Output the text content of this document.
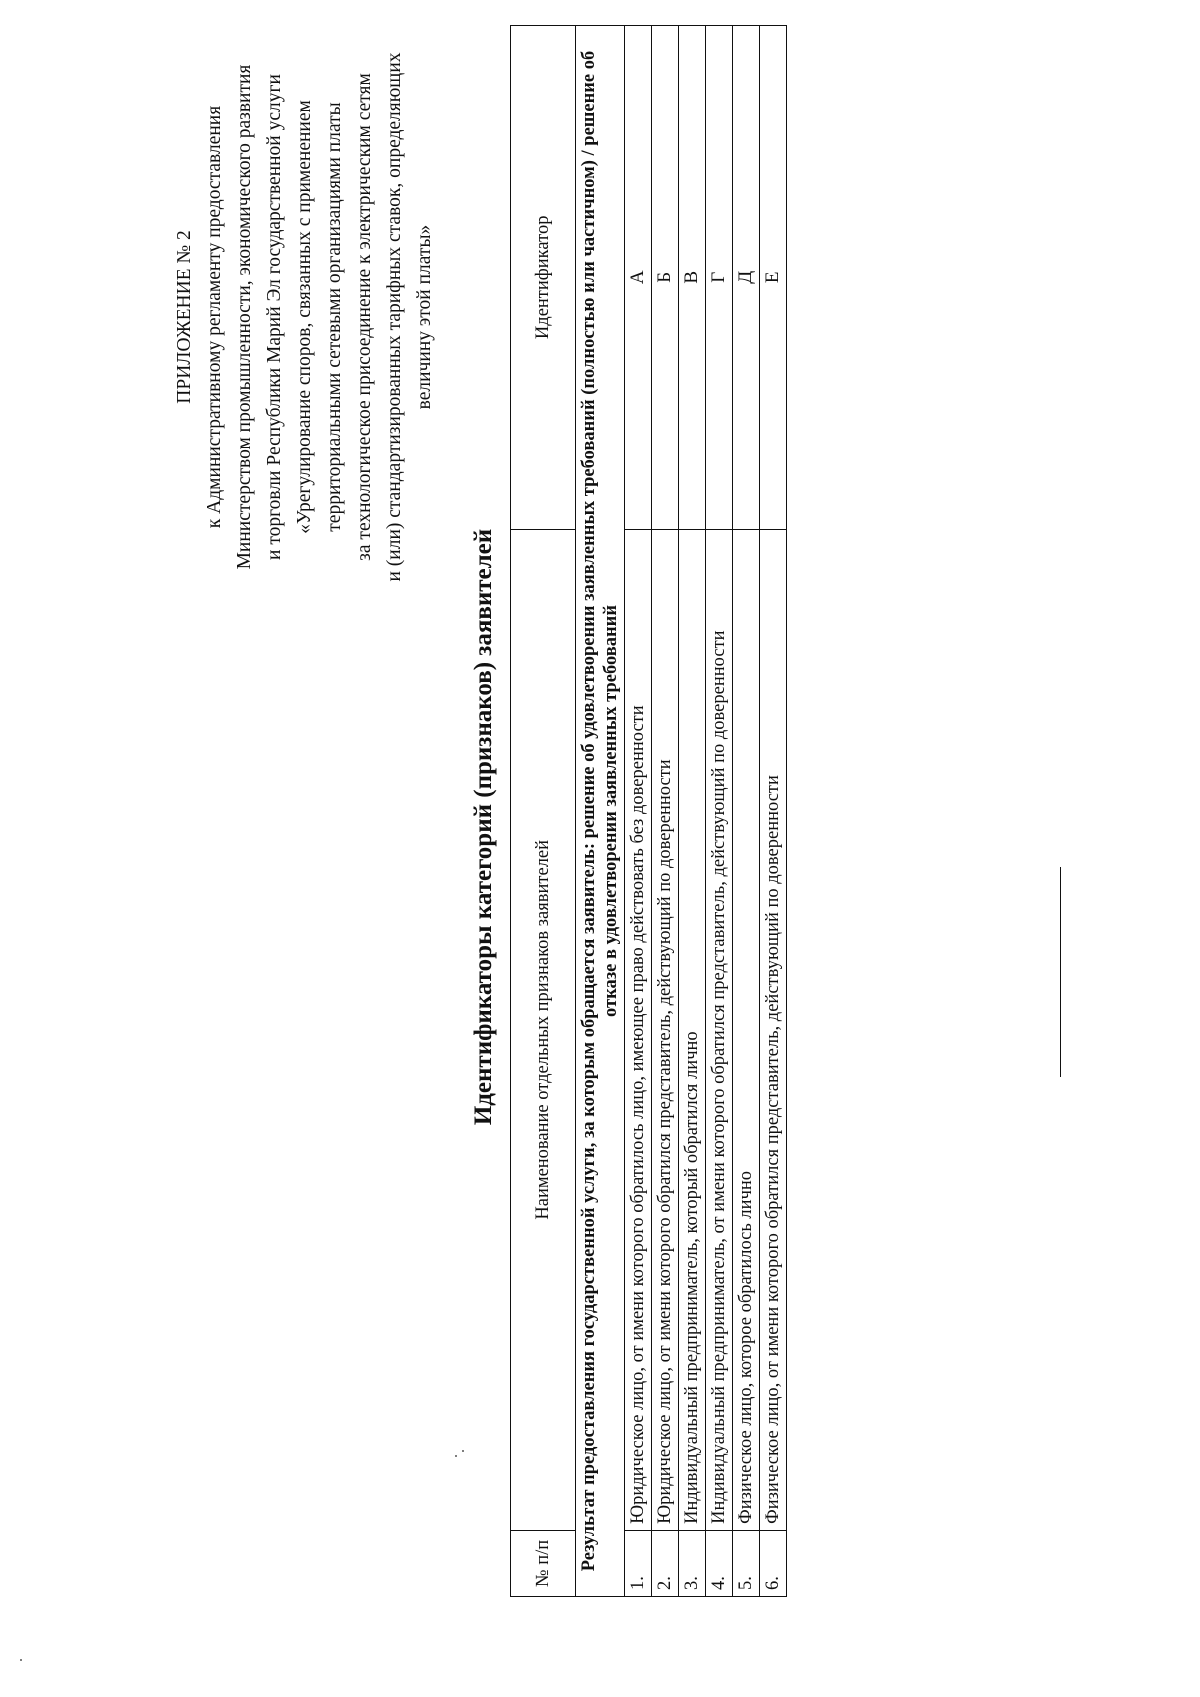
ПРИЛОЖЕНИЕ № 2 к Административному регламенту предоставления Министерством промышленности, экономического развития и торговли Республики Марий Эл государственной услуги «Урегулирование споров, связанных с применением территориальными сетевыми организациями платы за технологическое присоединение к электрическим сетям и (или) стандартизированных тарифных ставок, определяющих величину этой платы»
Идентификаторы категорий (признаков) заявителей
№ п/п	Наименование отдельных признаков заявителей	Идентификатор
Результат предоставления государственной услуги, за которым обращается заявитель: решение об удовлетворении заявленных требований (полностью или частичном) / решение об отказе в удовлетворении заявленных требований		
1.	Юридическое лицо, от имени которого обратилось лицо, имеющее право действовать без доверенности	А
2.	Юридическое лицо, от имени которого обратился представитель, действующий по доверенности	Б
3.	Индивидуальный предприниматель, который обратился лично	В
4.	Индивидуальный предприниматель, от имени которого обратился представитель, действующий по доверенности	Г
5.	Физическое лицо, которое обратилось лично	Д
6.	Физическое лицо, от имени которого обратился представитель, действующий по доверенности	Е
